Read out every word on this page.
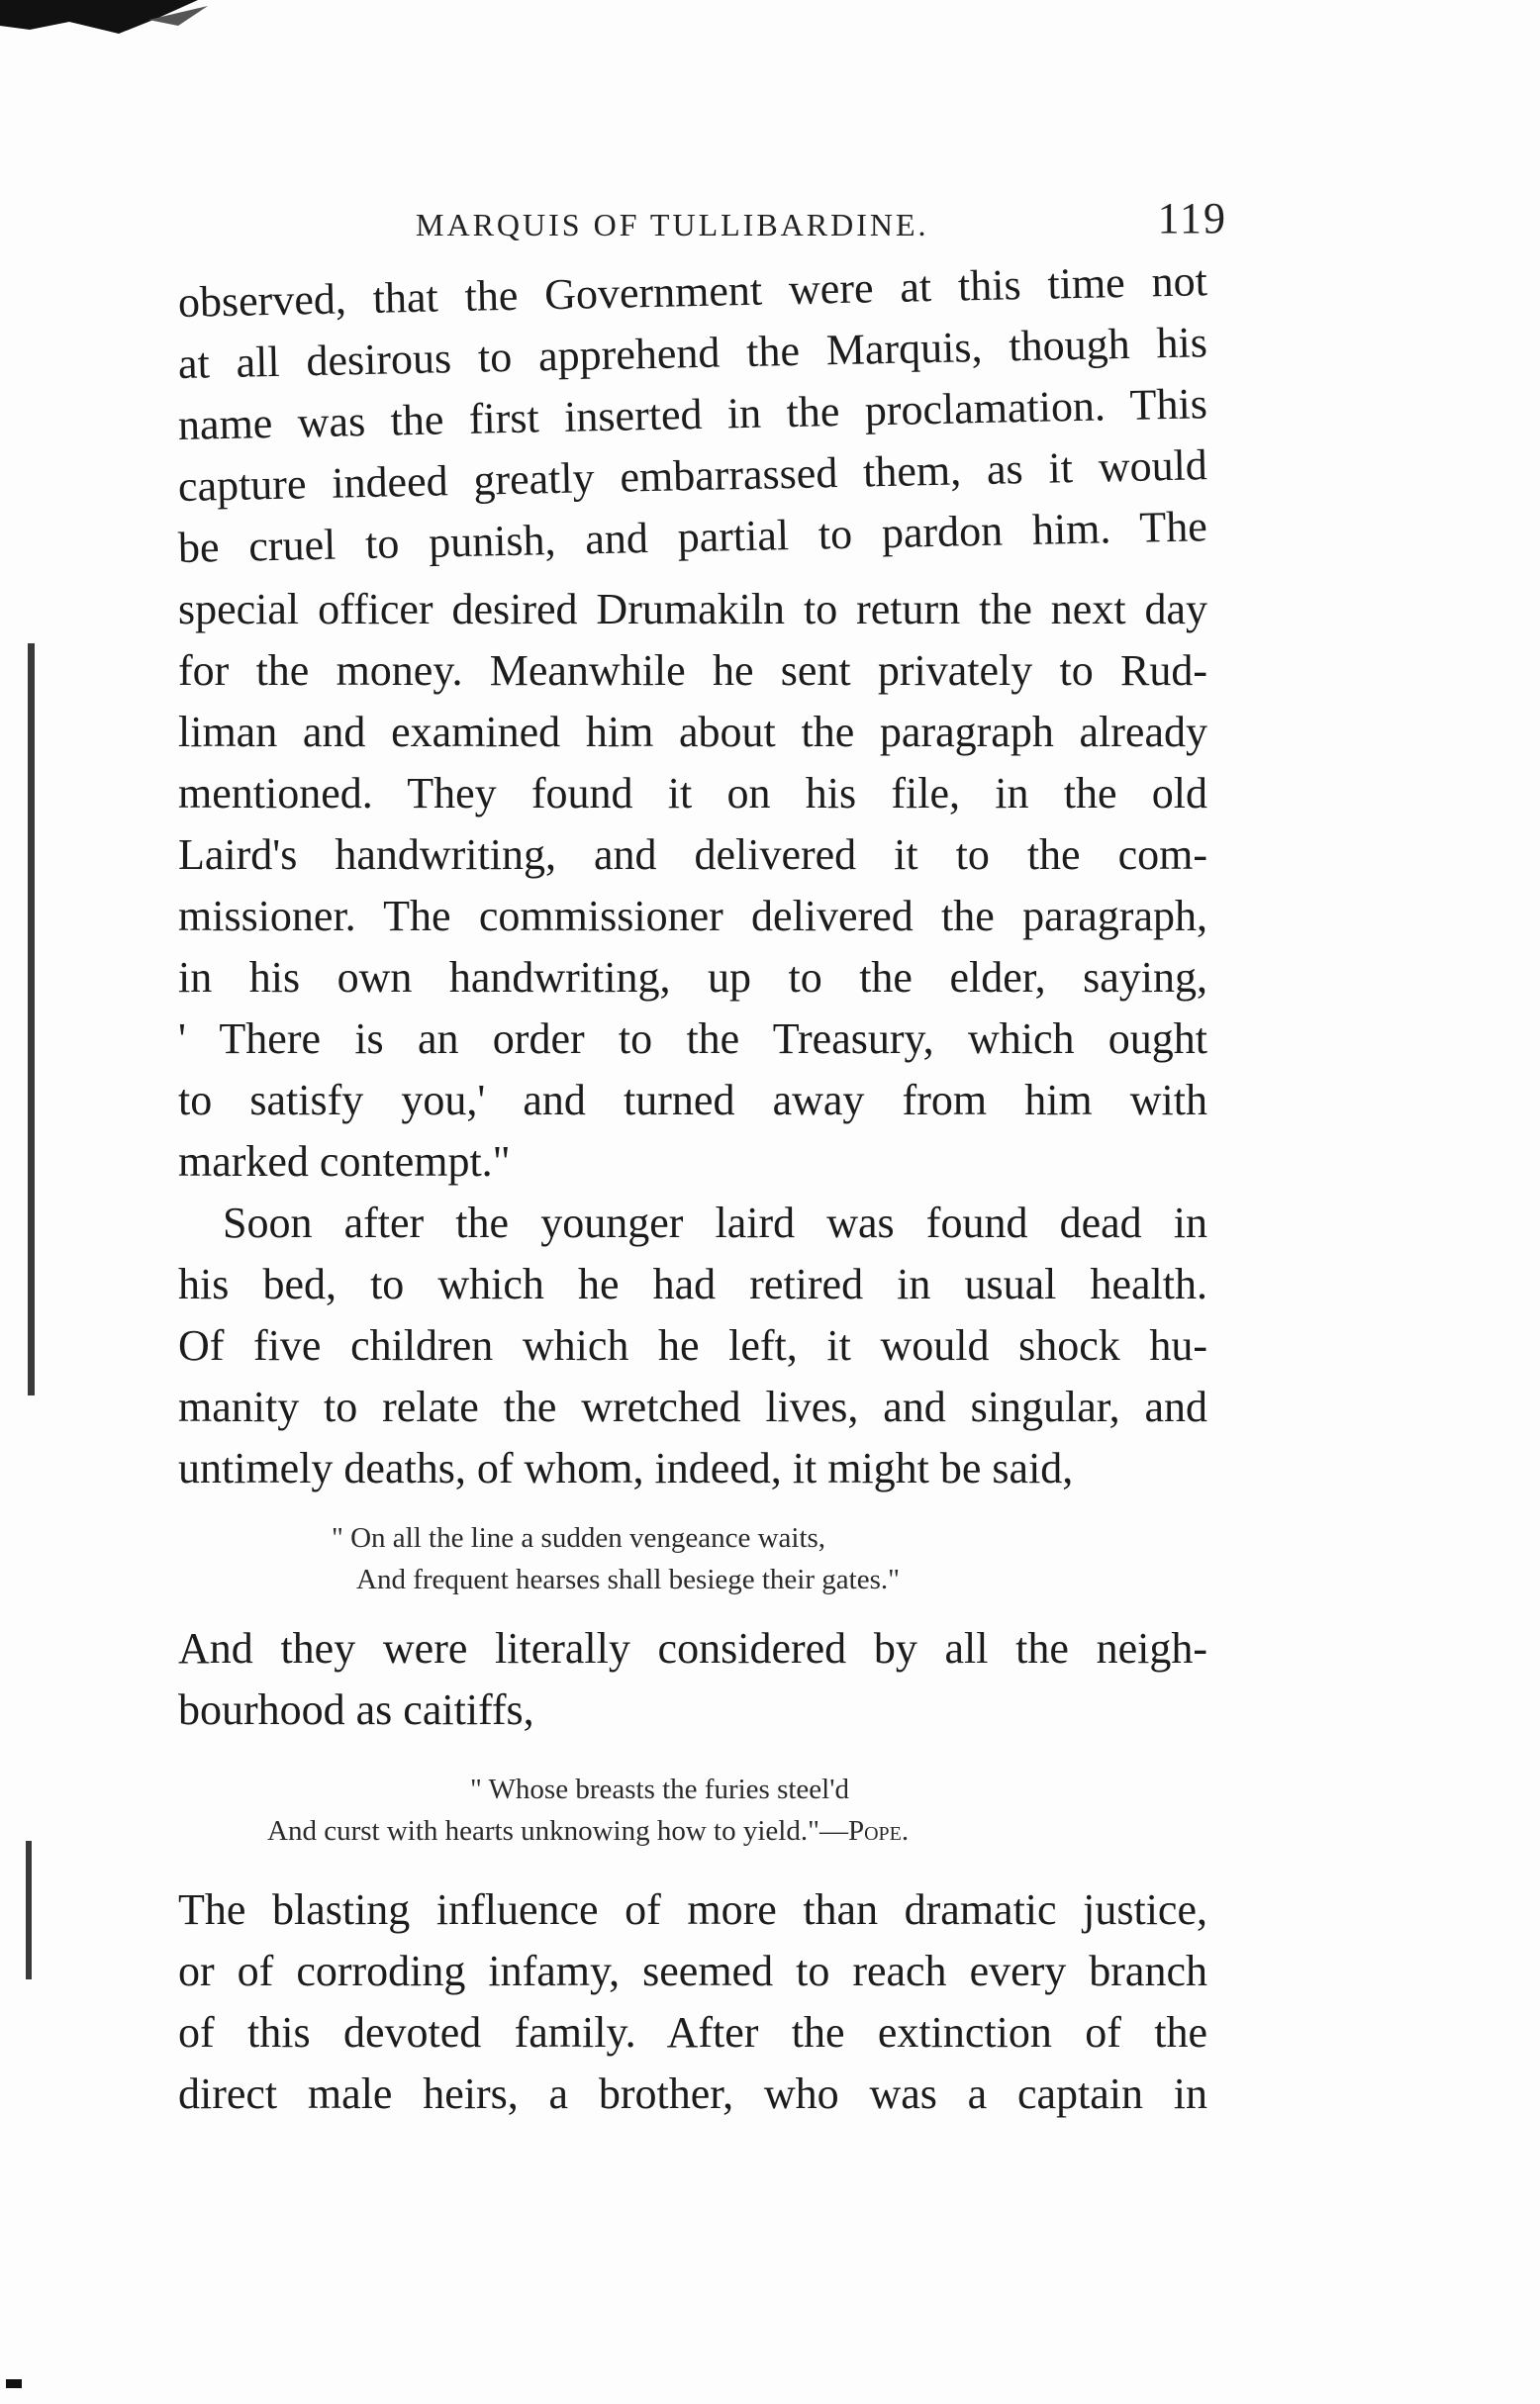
MARQUIS OF TULLIBARDINE.	119
observed, that the Government were at this time not
at all desirous to apprehend the Marquis, though his
name was the first inserted in the proclamation. This
capture indeed greatly embarrassed them, as it would
be cruel to punish, and partial to pardon him. The
special officer desired Drumakiln to return the next day
for the money. Meanwhile he sent privately to Rud-
liman and examined him about the paragraph already
mentioned. They found it on his file, in the old
Laird's handwriting, and delivered it to the com-
missioner. The commissioner delivered the paragraph,
in his own handwriting, up to the elder, saying,
' There is an order to the Treasury, which ought
to satisfy you,' and turned away from him with
marked contempt."
Soon after the younger laird was found dead in
his bed, to which he had retired in usual health.
Of five children which he left, it would shock hu-
manity to relate the wretched lives, and singular, and
untimely deaths, of whom, indeed, it might be said,
" On all the line a sudden vengeance waits,
And frequent hearses shall besiege their gates."
And they were literally considered by all the neigh-
bourhood as caitiffs,
" Whose breasts the furies steel'd
And curst with hearts unknowing how to yield."—Pope.
The blasting influence of more than dramatic justice,
or of corroding infamy, seemed to reach every branch
of this devoted family. After the extinction of the
direct male heirs, a brother, who was a captain in
